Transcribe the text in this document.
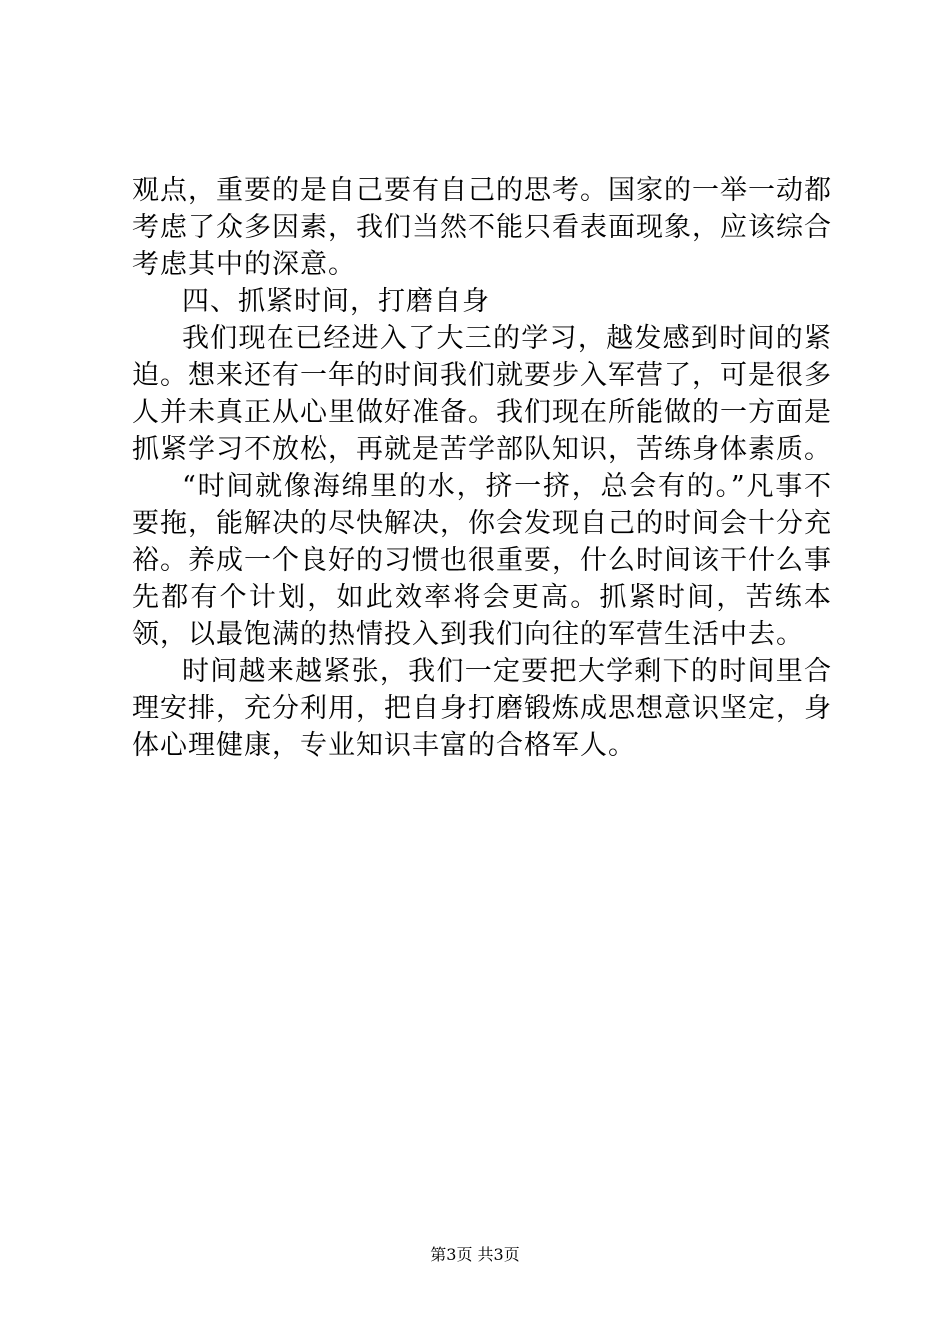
观点，重要的是自己要有自己的思考。国家的一举一动都考虑了众多因素，我们当然不能只看表面现象，应该综合考虑其中的深意。

四、抓紧时间，打磨自身

我们现在已经进入了大三的学习，越发感到时间的紧迫。想来还有一年的时间我们就要步入军营了，可是很多人并未真正从心里做好准备。我们现在所能做的一方面是抓紧学习不放松，再就是苦学部队知识，苦练身体素质。

“时间就像海绵里的水，挤一挤，总会有的。”凡事不要拖，能解决的尽快解决，你会发现自己的时间会十分充裕。养成一个良好的习惯也很重要，什么时间该干什么事先都有个计划，如此效率将会更高。抓紧时间，苦练本领，以最饱满的热情投入到我们向往的军营生活中去。

时间越来越紧张，我们一定要把大学剩下的时间里合理安排，充分利用，把自身打磨锻炼成思想意识坚定，身体心理健康，专业知识丰富的合格军人。

第3页 共3页
